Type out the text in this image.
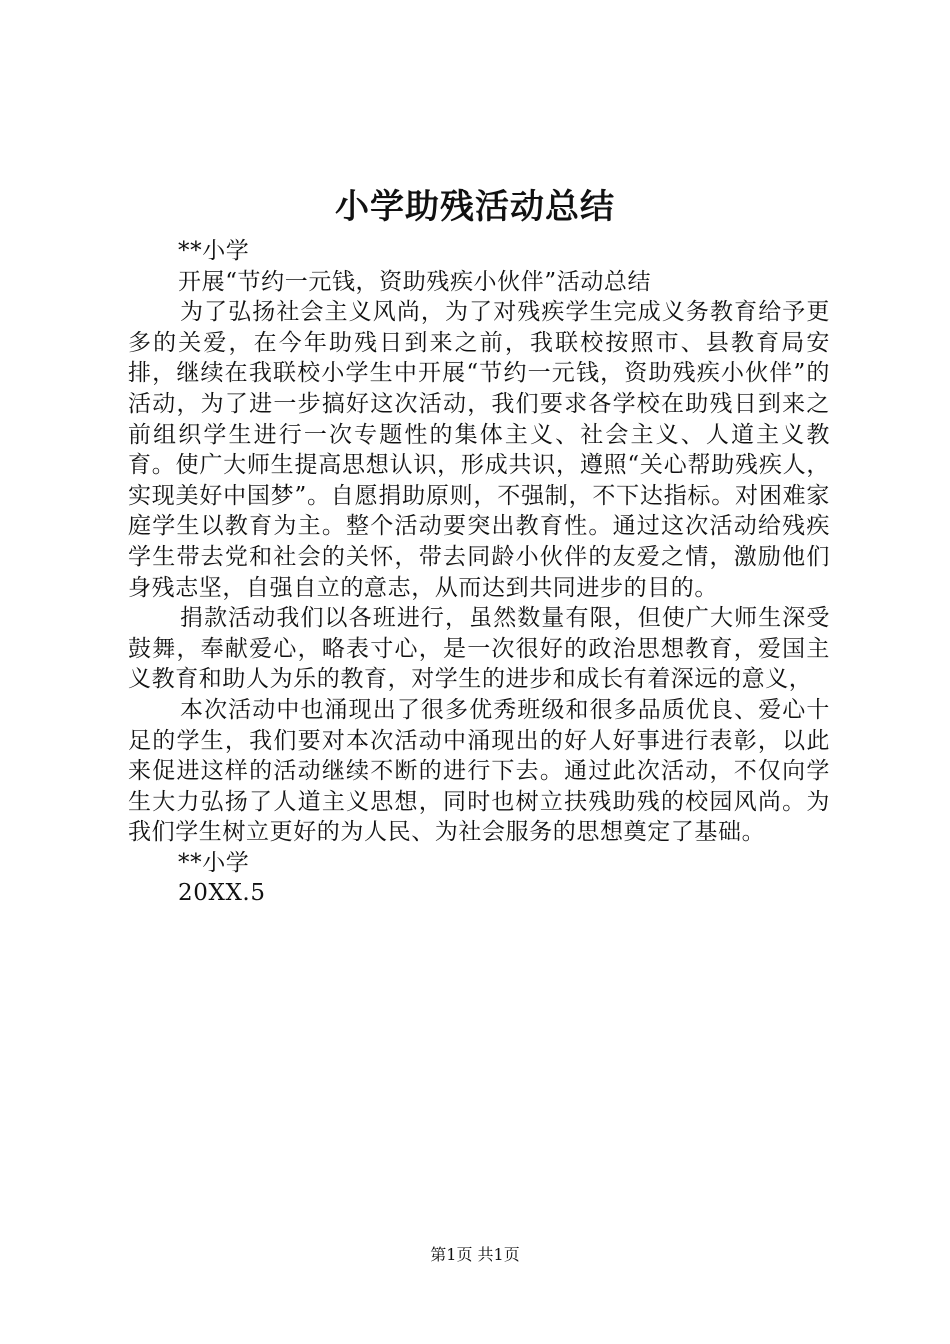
小学助残活动总结
**小学
开展“节约一元钱，资助残疾小伙伴”活动总结

为了弘扬社会主义风尚，为了对残疾学生完成义务教育给予更多的关爱，在今年助残日到来之前，我联校按照市、县教育局安排，继续在我联校小学生中开展“节约一元钱，资助残疾小伙伴”的活动，为了进一步搞好这次活动，我们要求各学校在助残日到来之前组织学生进行一次专题性的集体主义、社会主义、人道主义教育。使广大师生提高思想认识，形成共识，遵照“关心帮助残疾人，实现美好中国梦”。自愿捐助原则，不强制，不下达指标。对困难家庭学生以教育为主。整个活动要突出教育性。通过这次活动给残疾学生带去党和社会的关怀，带去同龄小伙伴的友爱之情，激励他们身残志坚，自强自立的意志，从而达到共同进步的目的。

捐款活动我们以各班进行，虽然数量有限，但使广大师生深受鼓舞，奉献爱心，略表寸心，是一次很好的政治思想教育，爱国主义教育和助人为乐的教育，对学生的进步和成长有着深远的意义，

本次活动中也涌现出了很多优秀班级和很多品质优良、爱心十足的学生，我们要对本次活动中涌现出的好人好事进行表彰，以此来促进这样的活动继续不断的进行下去。通过此次活动，不仅向学生大力弘扬了人道主义思想，同时也树立扶残助残的校园风尚。为我们学生树立更好的为人民、为社会服务的思想奠定了基础。

**小学
20XX.5
第1页 共1页
